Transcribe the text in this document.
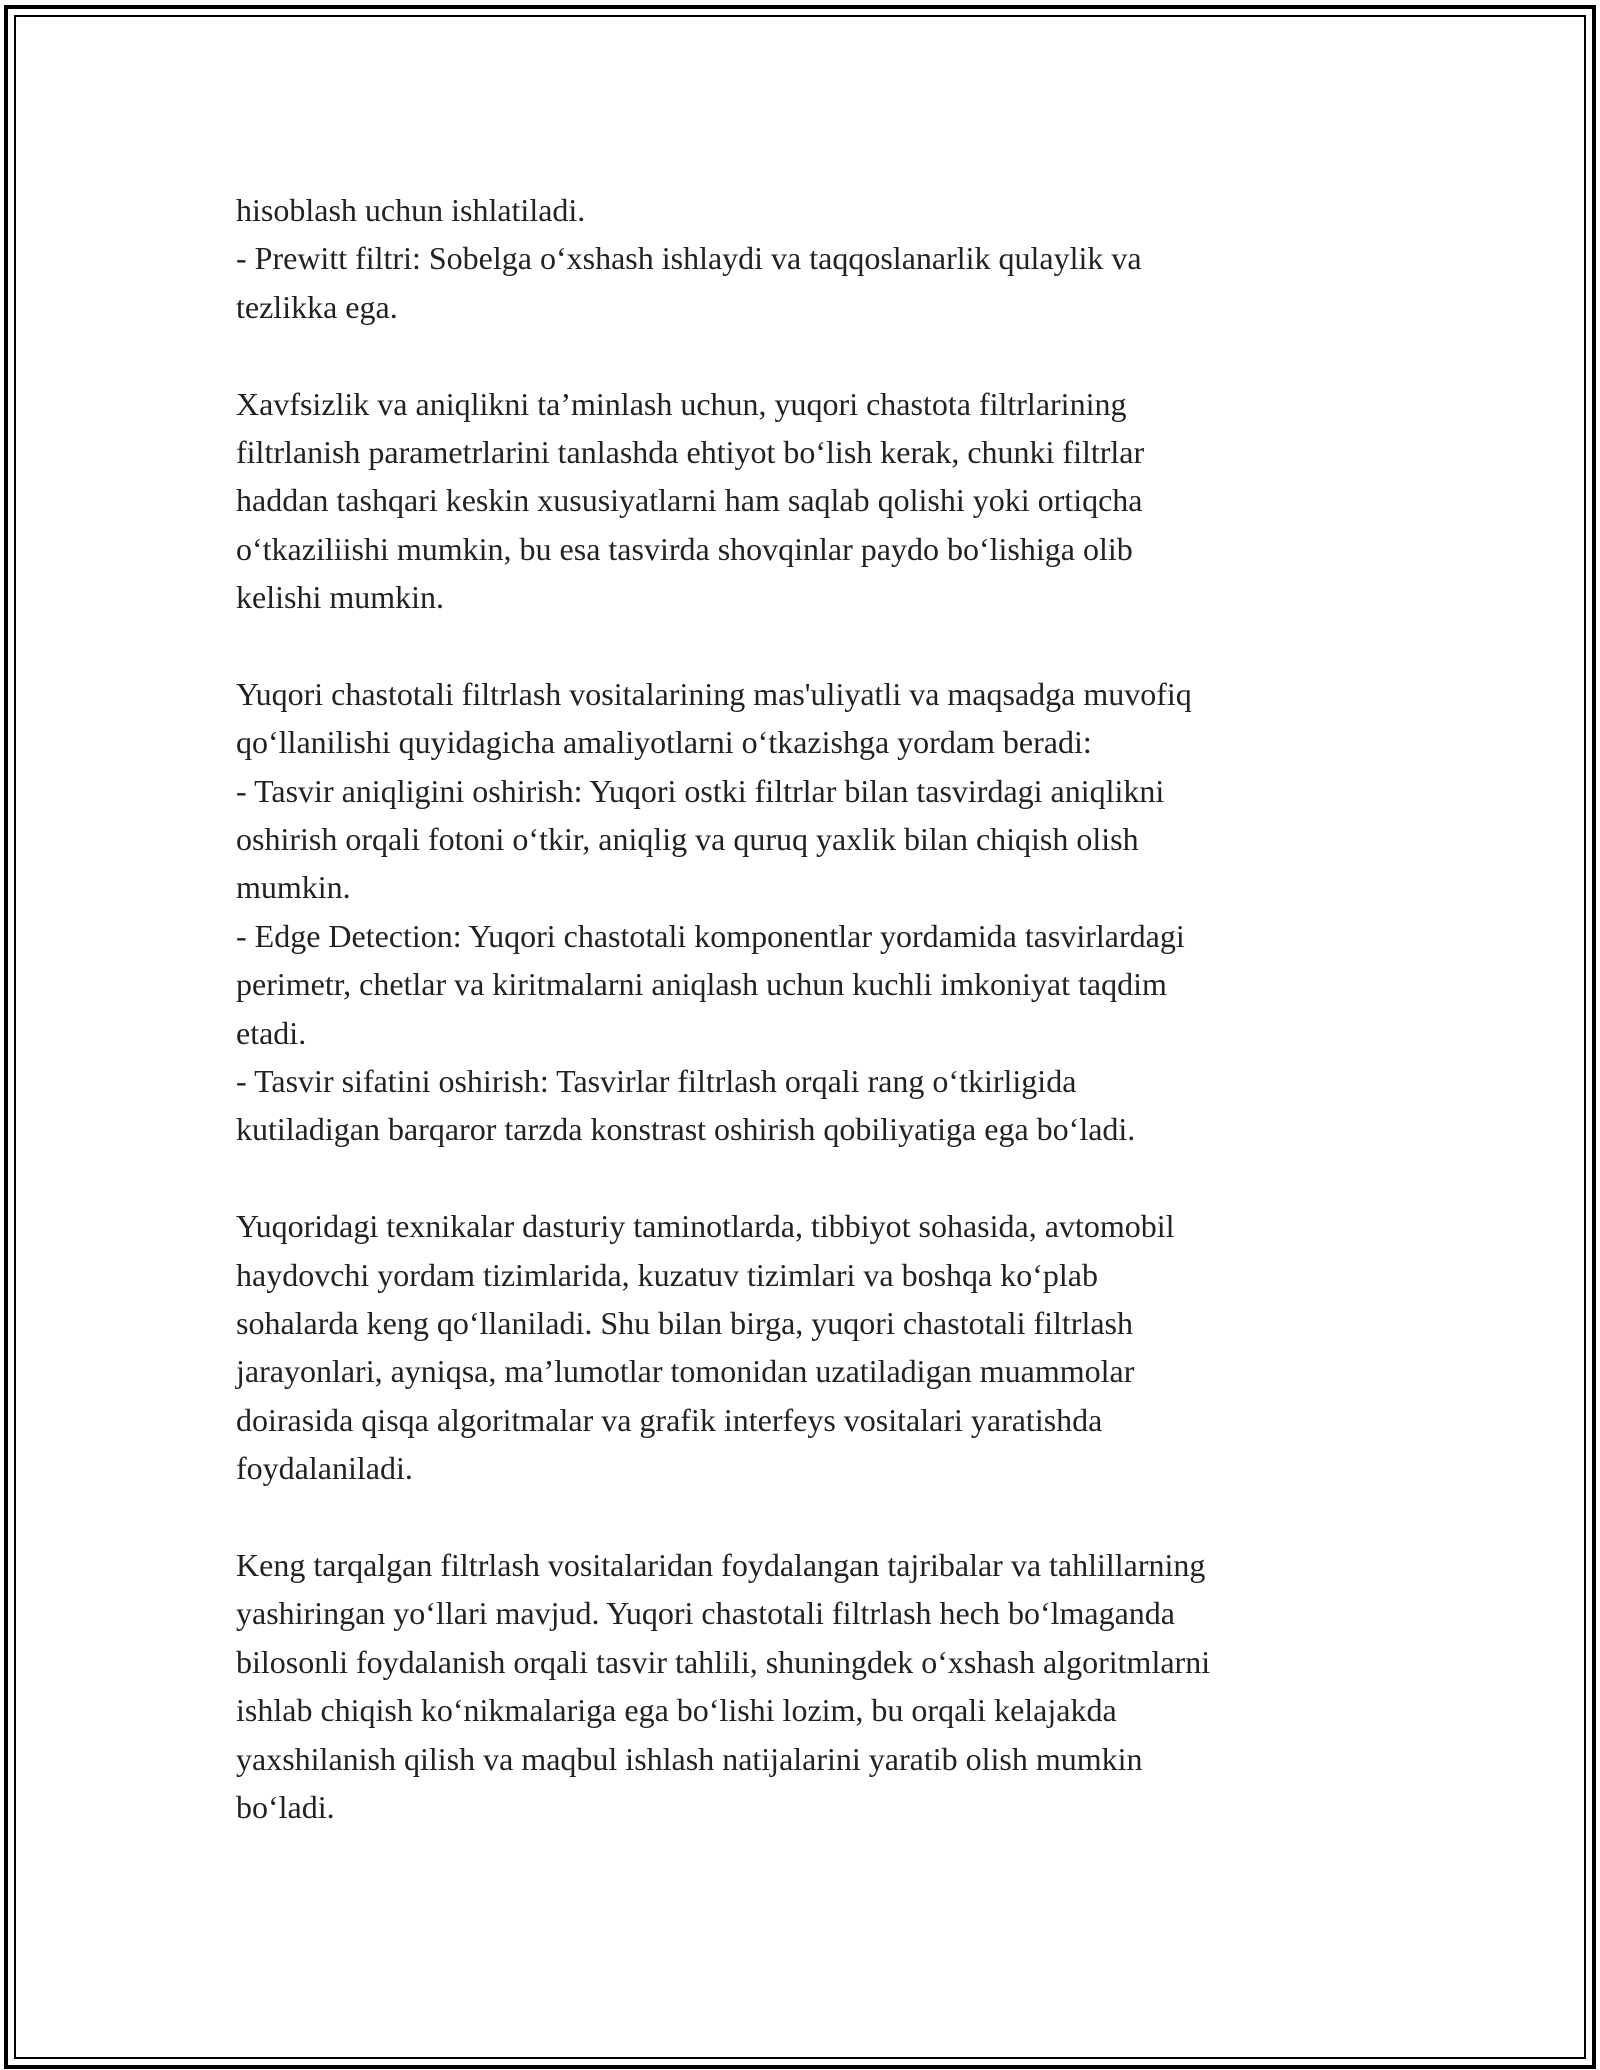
hisoblash uchun ishlatiladi.
- Prewitt filtri: Sobelga o‘xshash ishlaydi va taqqoslanarlik qulaylik va
tezlikka ega.
Xavfsizlik va aniqlikni ta’minlash uchun, yuqori chastota filtrlarining
filtrlanish parametrlarini tanlashda ehtiyot bo‘lish kerak, chunki filtrlar
haddan tashqari keskin xususiyatlarni ham saqlab qolishi yoki ortiqcha
o‘tkaziliishi mumkin, bu esa tasvirda shovqinlar paydo bo‘lishiga olib
kelishi mumkin.
Yuqori chastotali filtrlash vositalarining mas'uliyatli va maqsadga muvofiq
qo‘llanilishi quyidagicha amaliyotlarni o‘tkazishga yordam beradi:
- Tasvir aniqligini oshirish: Yuqori ostki filtrlar bilan tasvirdagi aniqlikni
oshirish orqali fotoni o‘tkir, aniqlig va quruq yaxlik bilan chiqish olish
mumkin.
- Edge Detection: Yuqori chastotali komponentlar yordamida tasvirlardagi
perimetr, chetlar va kiritmalarni aniqlash uchun kuchli imkoniyat taqdim
etadi.
- Tasvir sifatini oshirish: Tasvirlar filtrlash orqali rang o‘tkirligida
kutiladigan barqaror tarzda konstrast oshirish qobiliyatiga ega bo‘ladi.
Yuqoridagi texnikalar dasturiy taminotlarda, tibbiyot sohasida, avtomobil
haydovchi yordam tizimlarida, kuzatuv tizimlari va boshqa ko‘plab
sohalarda keng qo‘llaniladi. Shu bilan birga, yuqori chastotali filtrlash
jarayonlari, ayniqsa, ma’lumotlar tomonidan uzatiladigan muammolar
doirasida qisqa algoritmalar va grafik interfeys vositalari yaratishda
foydalaniladi.
Keng tarqalgan filtrlash vositalaridan foydalangan tajribalar va tahlillarning
yashiringan yo‘llari mavjud. Yuqori chastotali filtrlash hech bo‘lmaganda
bilosonli foydalanish orqali tasvir tahlili, shuningdek o‘xshash algoritmlarni
ishlab chiqish ko‘nikmalariga ega bo‘lishi lozim, bu orqali kelajakda
yaxshilanish qilish va maqbul ishlash natijalarini yaratib olish mumkin
bo‘ladi.
